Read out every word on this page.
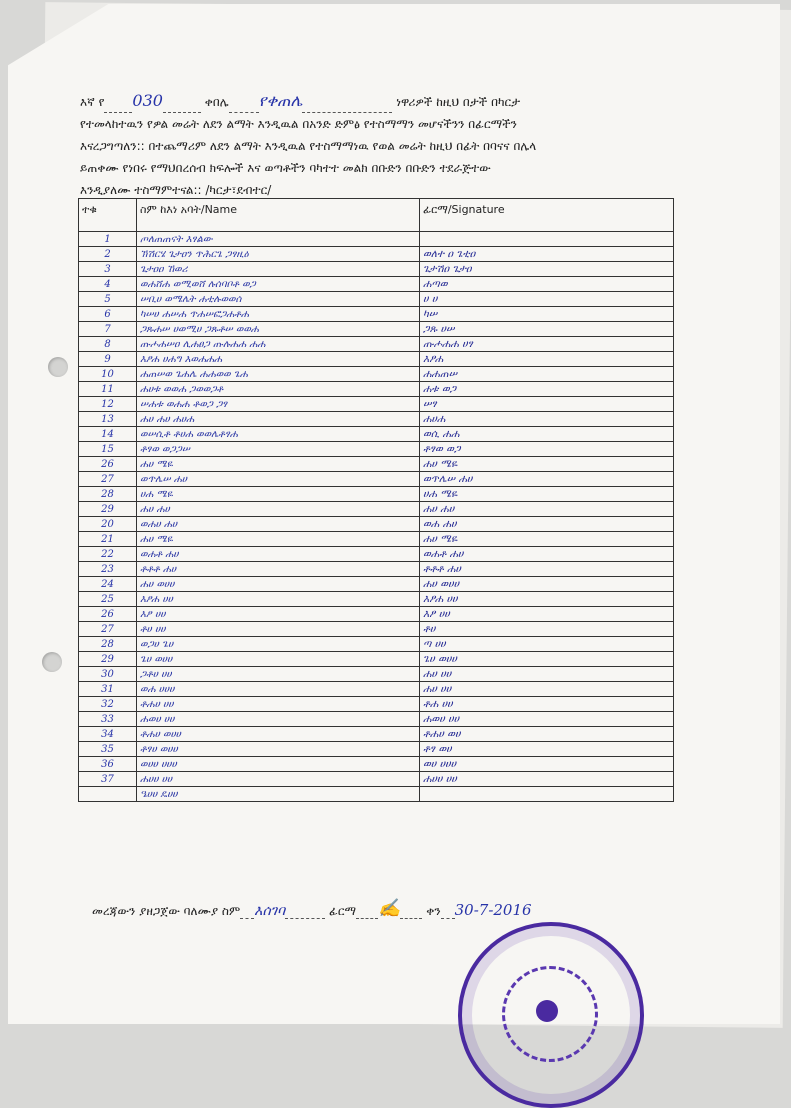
እኛ የ 030	ቀበሌ የቀጠሌ	ነዋሪዎች ከዚህ በታች በካርታ
የተመላከተዉን የዎል መሬት ለደን ልማት እንዲዉል በአንድ ድምፅ የተስማማን መሆናችንን በፊርማችን
እናረጋግጣለን:: በተጨማሪም ለደን ልማት እንዲዉል የተስማማነዉ የወል መሬት ከዚህ በፊት በባናና በሌላ
ይጠቀሙ የነበሩ የማህበረሰብ ክፍሎች እና ወጣቶችን ባካተተ መልክ በቡድን በቡድን ተደራጅተው
እንዲያለሙ ተስማምተናል:: /ካርታ፣ደብተር/
ተቁ	ስም ከእነ አባት/Name	ፊርማ/Signature
1	ጦለጠጠናት እፃልው	
2	ኽሽርሄ ጌታዐን ጥሕርጌ ጋፃዚዕ	ወለተ ዐ ጌቲዐ
3	ጌታዐዐ ኸወሪ	ጌታሽዐ ጌታዐ
4	ወሐሸሐ ወሚወሸ ሉሰባቦቶ ወጋ	ሐጣወ
5	ሠቢሀ ወሜሌት ሐቲሉወወሰ	ሀ ሀ
6	ካሠሀ ሐሠሐ ጥሐሠፎጋሐቶሐ	ካሠ
7	ጋጹሐሠ ሀወሚሀ ጋጹቶሠ ወወሐ	ጋጹ ሀሠ
8	ጡሖሐሠዐ ሊሐፀጋ ጡሉሐሐ ሐሐ	ጡሖሐሐ ሀፃ
9	እፆሐ ሀሐግ እወሐሐሐ	እፆሐ
10	ሐጠሠወ ጌሐሌ ሐሐወወ ጌሐ	ሐሐጠሠ
11	ሐሀቱ ወወሐ ጋወወጋቶ	ሐቱ ወጋ
12	ሠሐቱ ወሐሐ ቶወጋ ጋፃ	ሠፃ
13	ሐሀ ሐሀ ሐሀሐ	ሐሀሐ
14	ወሠሲቶ ቶሀሐ ወወሌቶፃሐ	ወሲ ሐሐ
15	ቶፃወ ወጋጋሠ	ቶፃወ ወጋ
26	ሐሀ ሜዬ	ሐሀ ሜዬ
27	ወጥሌሠ ሐሀ	ወጥሌሠ ሐሀ
28	ሀሐ ሜዬ	ሀሐ ሜዬ
29	ሐሀ ሐሀ	ሐሀ ሐሀ
20	ወሐሀ ሐሀ	ወሐ ሐሀ
21	ሐሀ ሜዬ	ሐሀ ሜዬ
22	ወሐቶ ሐሀ	ወሐቶ ሐሀ
23	ቶቶቶ ሐሀ	ቶቶቶ ሐሀ
24	ሐሀ ወሀሀ	ሐሀ ወሀሀ
25	እፆሐ ሀሀ	እፆሐ ሀሀ
26	እፆ ሀሀ	እፆ ሀሀ
27	ቶሀ ሀሀ	ቶሀ
28	ወጋሀ ጌሀ	ጣ ሀሀ
29	ጌሀ ወሀሀ	ጌሀ ወሀሀ
30	ጋቶሀ ሀሀ	ሐሀ ሀሀ
31	ወሐ ሀሀሀ	ሐሀ ሀሀ
32	ቶሐሀ ሀሀ	ቶሐ ሀሀ
33	ሐወሀ ሀሀ	ሐወሀ ሀሀ
34	ቶሐሀ ወሀሀ	ቶሐሀ ወሀ
35	ቶፃሀ ወሀሀ	ቶፃ ወሀ
36	ወሀሀ ሀሀሀ	ወሀ ሀሀሀ
37	ሐሀሀ ሀሀ	ሐሀሀ ሀሀ
	ዔሀሀ ዴሀሀ	
መረጃውን ያዘጋጀው ባለሙያ ስም እሰገባ	ፊርማ ✍ ቀን 30-7-2016
